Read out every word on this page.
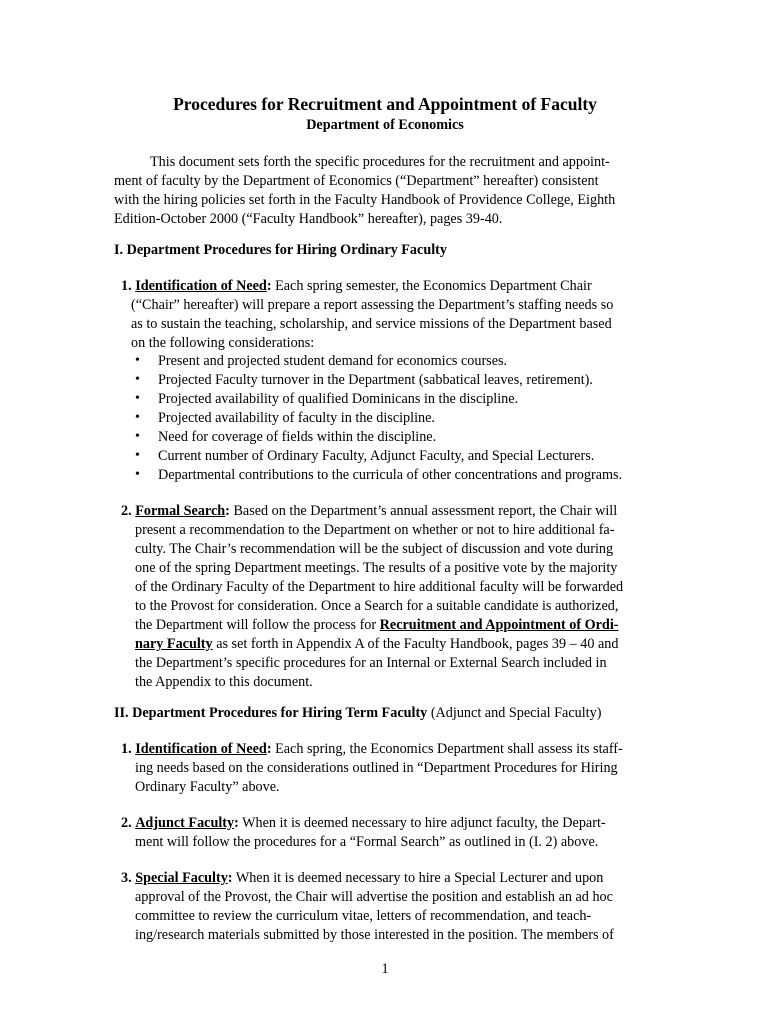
Procedures for Recruitment and Appointment of Faculty
Department of Economics
This document sets forth the specific procedures for the recruitment and appoint-
ment of faculty by the Department of Economics (“Department” hereafter) consistent
with the hiring policies set forth in the Faculty Handbook of Providence College, Eighth
Edition-October 2000 (“Faculty Handbook” hereafter), pages 39-40.
I. Department Procedures for Hiring Ordinary Faculty
1. Identification of Need: Each spring semester, the Economics Department Chair
(“Chair” hereafter) will prepare a report assessing the Department’s staffing needs so
as to sustain the teaching, scholarship, and service missions of the Department based
on the following considerations:
• Present and projected student demand for economics courses.
• Projected Faculty turnover in the Department (sabbatical leaves, retirement).
• Projected availability of qualified Dominicans in the discipline.
• Projected availability of faculty in the discipline.
• Need for coverage of fields within the discipline.
• Current number of Ordinary Faculty, Adjunct Faculty, and Special Lecturers.
• Departmental contributions to the curricula of other concentrations and programs.
2. Formal Search: Based on the Department’s annual assessment report, the Chair will
present a recommendation to the Department on whether or not to hire additional fa-
culty. The Chair’s recommendation will be the subject of discussion and vote during
one of the spring Department meetings. The results of a positive vote by the majority
of the Ordinary Faculty of the Department to hire additional faculty will be forwarded
to the Provost for consideration. Once a Search for a suitable candidate is authorized,
the Department will follow the process for Recruitment and Appointment of Ordi-
nary Faculty as set forth in Appendix A of the Faculty Handbook, pages 39 – 40 and
the Department’s specific procedures for an Internal or External Search included in
the Appendix to this document.
II. Department Procedures for Hiring Term Faculty (Adjunct and Special Faculty)
1. Identification of Need: Each spring, the Economics Department shall assess its staff-
ing needs based on the considerations outlined in “Department Procedures for Hiring
Ordinary Faculty” above.
2. Adjunct Faculty: When it is deemed necessary to hire adjunct faculty, the Depart-
ment will follow the procedures for a “Formal Search” as outlined in (I. 2) above.
3. Special Faculty: When it is deemed necessary to hire a Special Lecturer and upon
approval of the Provost, the Chair will advertise the position and establish an ad hoc
committee to review the curriculum vitae, letters of recommendation, and teach-
ing/research materials submitted by those interested in the position. The members of
1
